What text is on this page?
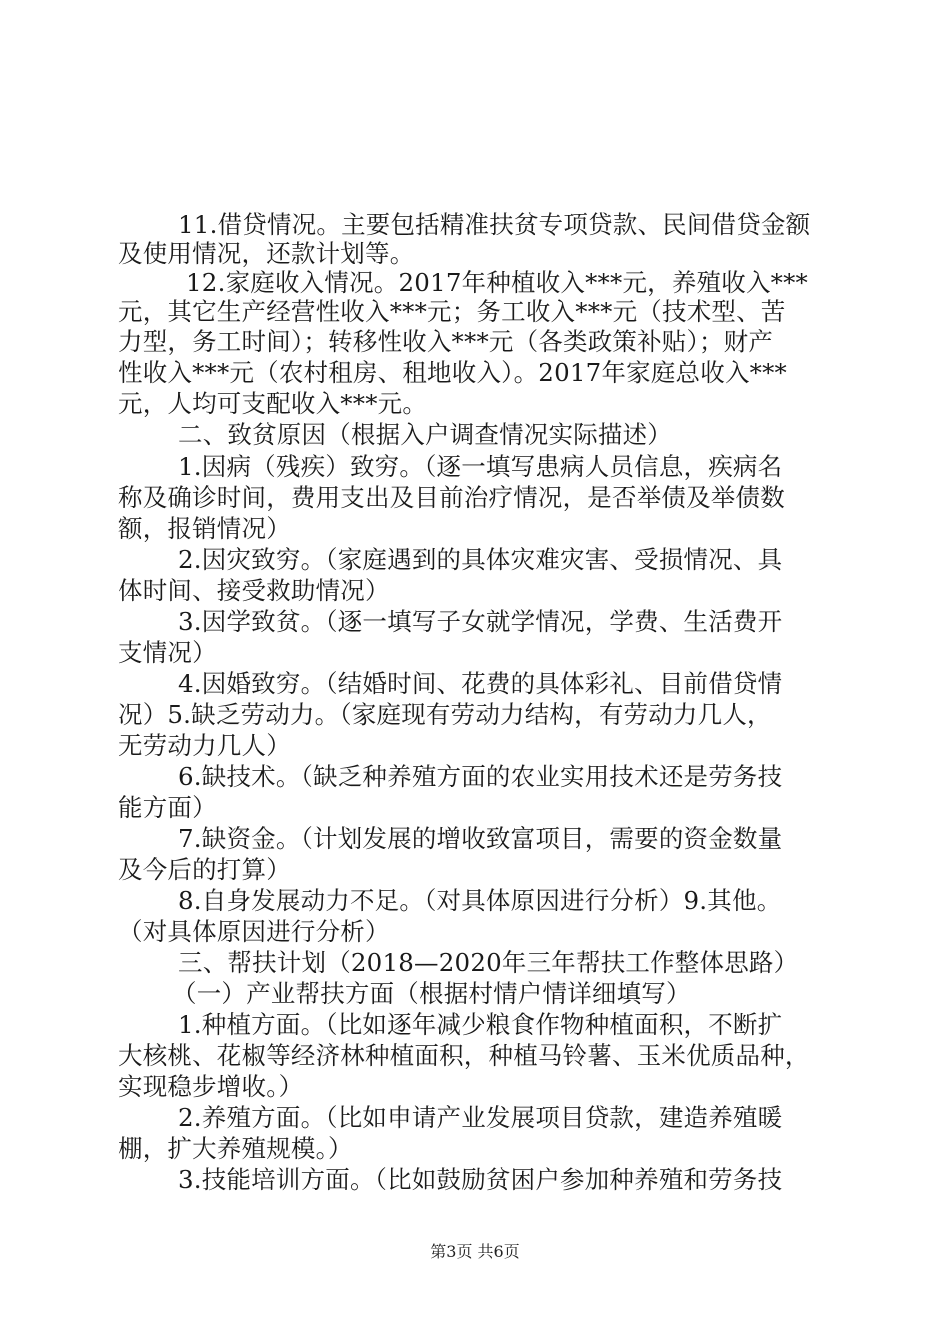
11.借贷情况。主要包括精准扶贫专项贷款、民间借贷金额
及使用情况，还款计划等。
12.家庭收入情况。2017年种植收入***元，养殖收入***
元，其它生产经营性收入***元；务工收入***元（技术型、苦
力型，务工时间）；转移性收入***元（各类政策补贴）；财产
性收入***元（农村租房、租地收入）。2017年家庭总收入***
元，人均可支配收入***元。
二、致贫原因（根据入户调查情况实际描述）
1.因病（残疾）致穷。（逐一填写患病人员信息，疾病名
称及确诊时间，费用支出及目前治疗情况，是否举债及举债数
额，报销情况）
2.因灾致穷。（家庭遇到的具体灾难灾害、受损情况、具
体时间、接受救助情况）
3.因学致贫。（逐一填写子女就学情况，学费、生活费开
支情况）
4.因婚致穷。（结婚时间、花费的具体彩礼、目前借贷情
况）5.缺乏劳动力。（家庭现有劳动力结构，有劳动力几人，
无劳动力几人）
6.缺技术。（缺乏种养殖方面的农业实用技术还是劳务技
能方面）
7.缺资金。（计划发展的增收致富项目，需要的资金数量
及今后的打算）
8.自身发展动力不足。（对具体原因进行分析）9.其他。
（对具体原因进行分析）
三、帮扶计划（2018—2020年三年帮扶工作整体思路）
（一）产业帮扶方面（根据村情户情详细填写）
1.种植方面。（比如逐年减少粮食作物种植面积，不断扩
大核桃、花椒等经济林种植面积，种植马铃薯、玉米优质品种，
实现稳步增收。）
2.养殖方面。（比如申请产业发展项目贷款，建造养殖暖
棚，扩大养殖规模。）
3.技能培训方面。（比如鼓励贫困户参加种养殖和劳务技
第3页 共6页
